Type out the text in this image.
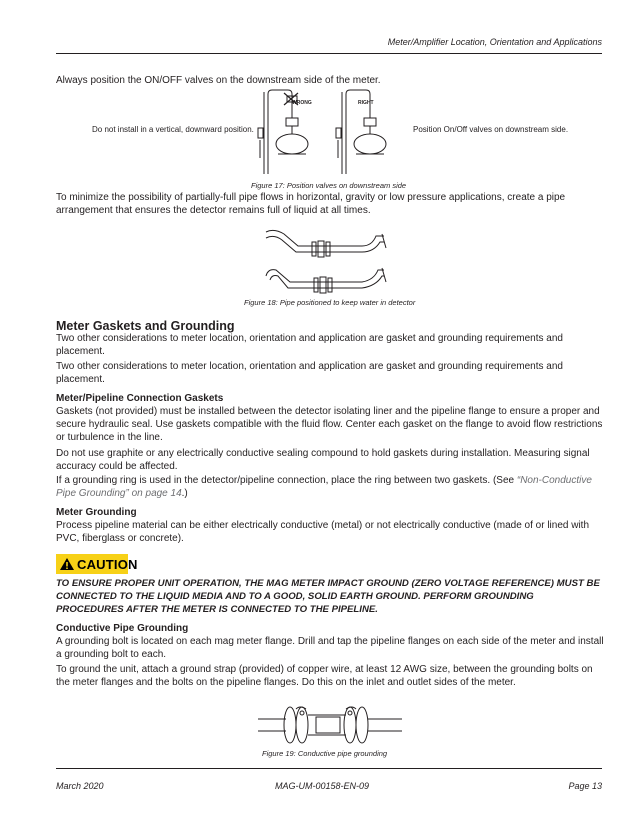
Meter/Amplifier Location, Orientation and Applications

Always position the ON/OFF valves on the downstream side of the meter.

Do not install in a vertical, downward position.	Position On/Off valves on downstream side.
WRONG	RIGHT
Figure 17: Position valves on downstream side

To minimize the possibility of partially-full pipe flows in horizontal, gravity or low pressure applications, create a pipe arrangement that ensures the detector remains full of liquid at all times.

Figure 18: Pipe positioned to keep water in detector
Meter Gaskets and Grounding

Two other considerations to meter location, orientation and application are gasket and grounding requirements and placement.

Two other considerations to meter location, orientation and application are gasket and grounding requirements and placement.

Meter/Pipeline Connection Gaskets

Gaskets (not provided) must be installed between the detector isolating liner and the pipeline flange to ensure a proper and secure hydraulic seal. Use gaskets compatible with the fluid flow. Center each gasket on the flange to avoid flow restrictions or turbulence in the line.

Do not use graphite or any electrically conductive sealing compound to hold gaskets during installation. Measuring signal accuracy could be affected.

If a grounding ring is used in the detector/pipeline connection, place the ring between two gaskets. (See “Non-Conductive Pipe Grounding” on page 14.)

Meter Grounding

Process pipeline material can be either electrically conductive (metal) or not electrically conductive (made of or lined with PVC, fiberglass or concrete).

CAUTION

TO ENSURE PROPER UNIT OPERATION, THE MAG METER IMPACT GROUND (ZERO VOLTAGE REFERENCE) MUST BE CONNECTED TO THE LIQUID MEDIA AND TO A GOOD, SOLID EARTH GROUND. PERFORM GROUNDING PROCEDURES AFTER THE METER IS CONNECTED TO THE PIPELINE.

Conductive Pipe Grounding

A grounding bolt is located on each mag meter flange. Drill and tap the pipeline flanges on each side of the meter and install a grounding bolt to each.

To ground the unit, attach a ground strap (provided) of copper wire, at least 12 AWG size, between the grounding bolts on the meter flanges and the bolts on the pipeline flanges. Do this on the inlet and outlet sides of the meter.

Figure 19: Conductive pipe grounding
March 2020	MAG-UM-00158-EN-09	Page 13
